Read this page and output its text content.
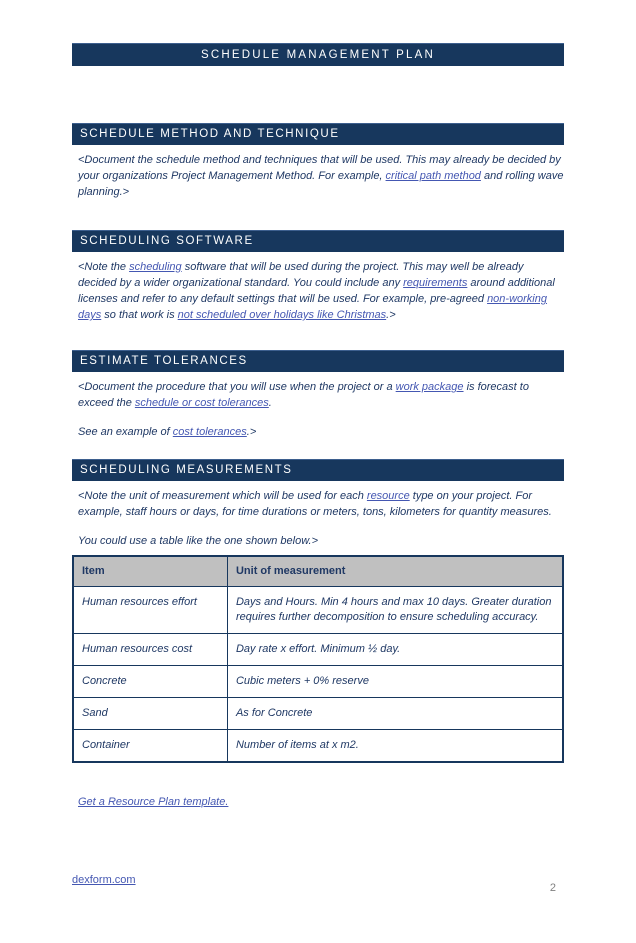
SCHEDULE MANAGEMENT PLAN
SCHEDULE METHOD AND TECHNIQUE

<Document the schedule method and techniques that will be used. This may already be decided by your organizations Project Management Method. For example, critical path method and rolling wave planning.>

SCHEDULING SOFTWARE

<Note the scheduling software that will be used during the project. This may well be already decided by a wider organizational standard. You could include any requirements around additional licenses and refer to any default settings that will be used. For example, pre-agreed non-working days so that work is not scheduled over holidays like Christmas.>

ESTIMATE TOLERANCES

<Document the procedure that you will use when the project or a work package is forecast to exceed the schedule or cost tolerances.

See an example of cost tolerances.>

SCHEDULING MEASUREMENTS

<Note the unit of measurement which will be used for each resource type on your project. For example, staff hours or days, for time durations or meters, tons, kilometers for quantity measures.

You could use a table like the one shown below.>

Item	Unit of measurement
Human resources effort	Days and Hours. Min 4 hours and max 10 days. Greater duration requires further decomposition to ensure scheduling accuracy.
Human resources cost	Day rate x effort. Minimum ½ day.
Concrete	Cubic meters + 0% reserve
Sand	As for Concrete
Container	Number of items at x m2.

Get a Resource Plan template.

dexform.com
2
